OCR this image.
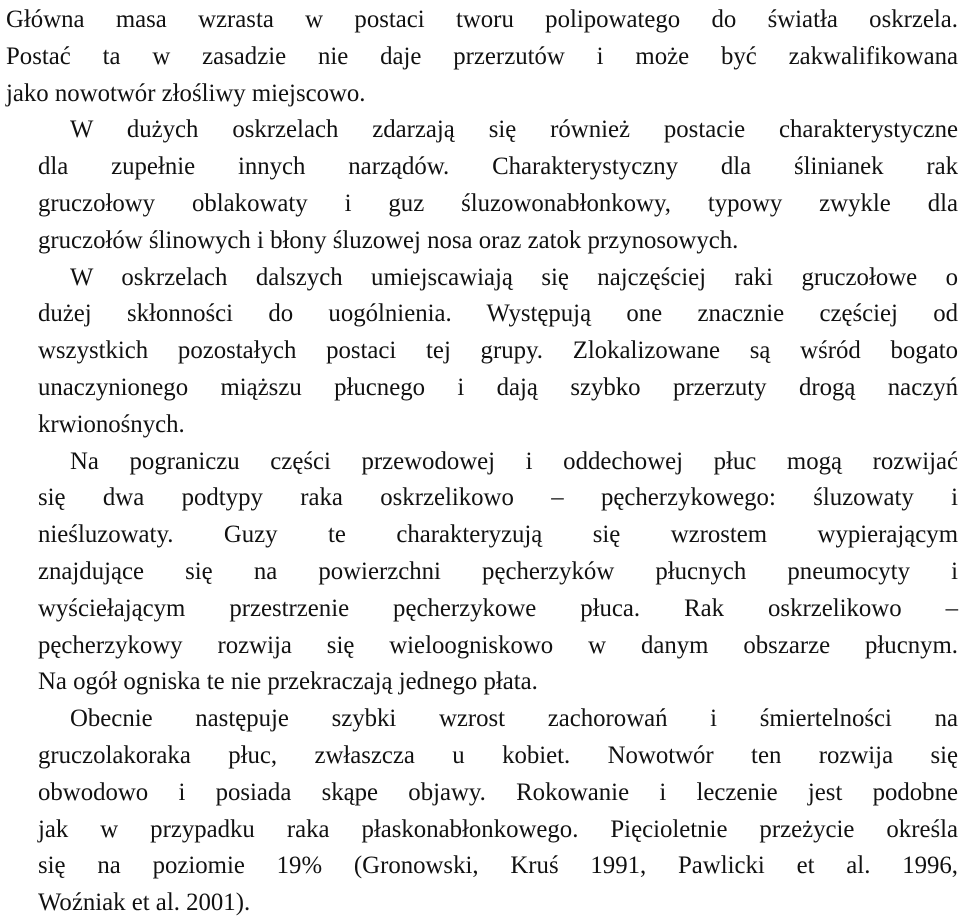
Główna masa wzrasta w postaci tworu polipowatego do światła oskrzela.
Postać ta w zasadzie nie daje przerzutów i może być zakwalifikowana
jako nowotwór złośliwy miejscowo.
W dużych oskrzelach zdarzają się również postacie charakterystyczne
dla zupełnie innych narządów. Charakterystyczny dla ślinianek rak
gruczołowy oblakowaty i guz śluzowonabłonkowy, typowy zwykle dla
gruczołów ślinowych i błony śluzowej nosa oraz zatok przynosowych.
W oskrzelach dalszych umiejscawiają się najczęściej raki gruczołowe o
dużej skłonności do uogólnienia. Występują one znacznie częściej od
wszystkich pozostałych postaci tej grupy. Zlokalizowane są wśród bogato
unaczynionego miąższu płucnego i dają szybko przerzuty drogą naczyń
krwionośnych.
Na pograniczu części przewodowej i oddechowej płuc mogą rozwijać
się dwa podtypy raka oskrzelikowo – pęcherzykowego: śluzowaty i
nieśluzowaty. Guzy te charakteryzują się wzrostem wypierającym
znajdujące się na powierzchni pęcherzyków płucnych pneumocyty i
wyściełającym przestrzenie pęcherzykowe płuca. Rak oskrzelikowo –
pęcherzykowy rozwija się wieloogniskowo w danym obszarze płucnym.
Na ogół ogniska te nie przekraczają jednego płata.
Obecnie następuje szybki wzrost zachorowań i śmiertelności na
gruczolakoraka płuc, zwłaszcza u kobiet. Nowotwór ten rozwija się
obwodowo i posiada skąpe objawy. Rokowanie i leczenie jest podobne
jak w przypadku raka płaskonabłonkowego. Pięcioletnie przeżycie określa
się na poziomie 19% (Gronowski, Kruś 1991, Pawlicki et al. 1996,
Woźniak et al. 2001).
